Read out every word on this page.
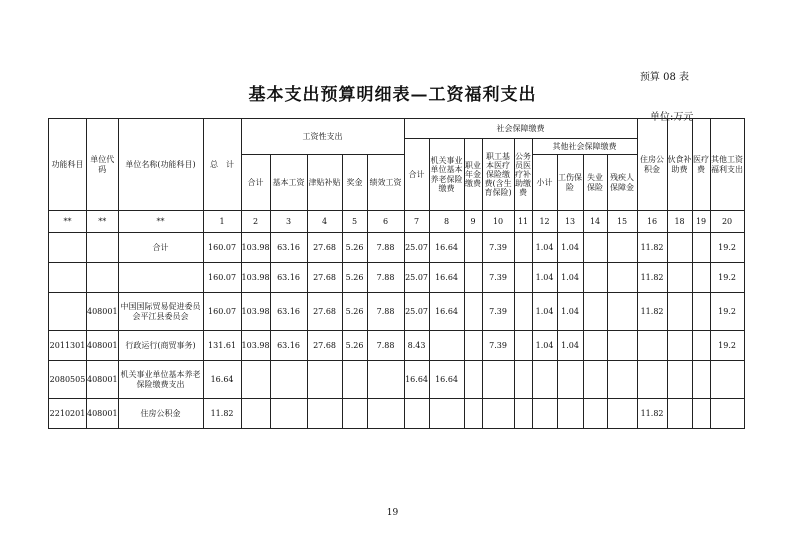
预算 08 表
基本支出预算明细表—工资福利支出
单位:万元
功能科目	单位代码	单位名称(功能科目)	总　计	工资性支出					社会保障缴费									住房公积金	伙食补助费	医疗费	其他工资福利支出
									合计	机关事业单位基本养老保险缴费	职业年金缴费	职工基本医疗保险缴费(含生育保险)	公务员医疗补助缴费	其他社会保障缴费							
				合计	基本工资	津贴补贴	奖金	绩效工资						小计	工伤保险	失业保险	残疾人保障金				
**	**	**	1	2	3	4	5	6	7	8	9	10	11	12	13	14	15	16	18	19	20
		合计	160.07	103.98	63.16	27.68	5.26	7.88	25.07	16.64		7.39		1.04	1.04			11.82			19.2
			160.07	103.98	63.16	27.68	5.26	7.88	25.07	16.64		7.39		1.04	1.04			11.82			19.2
	408001	中国国际贸易促进委员会平江县委员会	160.07	103.98	63.16	27.68	5.26	7.88	25.07	16.64		7.39		1.04	1.04			11.82			19.2
2011301	408001	行政运行(商贸事务)	131.61	103.98	63.16	27.68	5.26	7.88	8.43			7.39		1.04	1.04						19.2
2080505	408001	机关事业单位基本养老保险缴费支出	16.64						16.64	16.64											
2210201	408001	住房公积金	11.82															11.82			
19
